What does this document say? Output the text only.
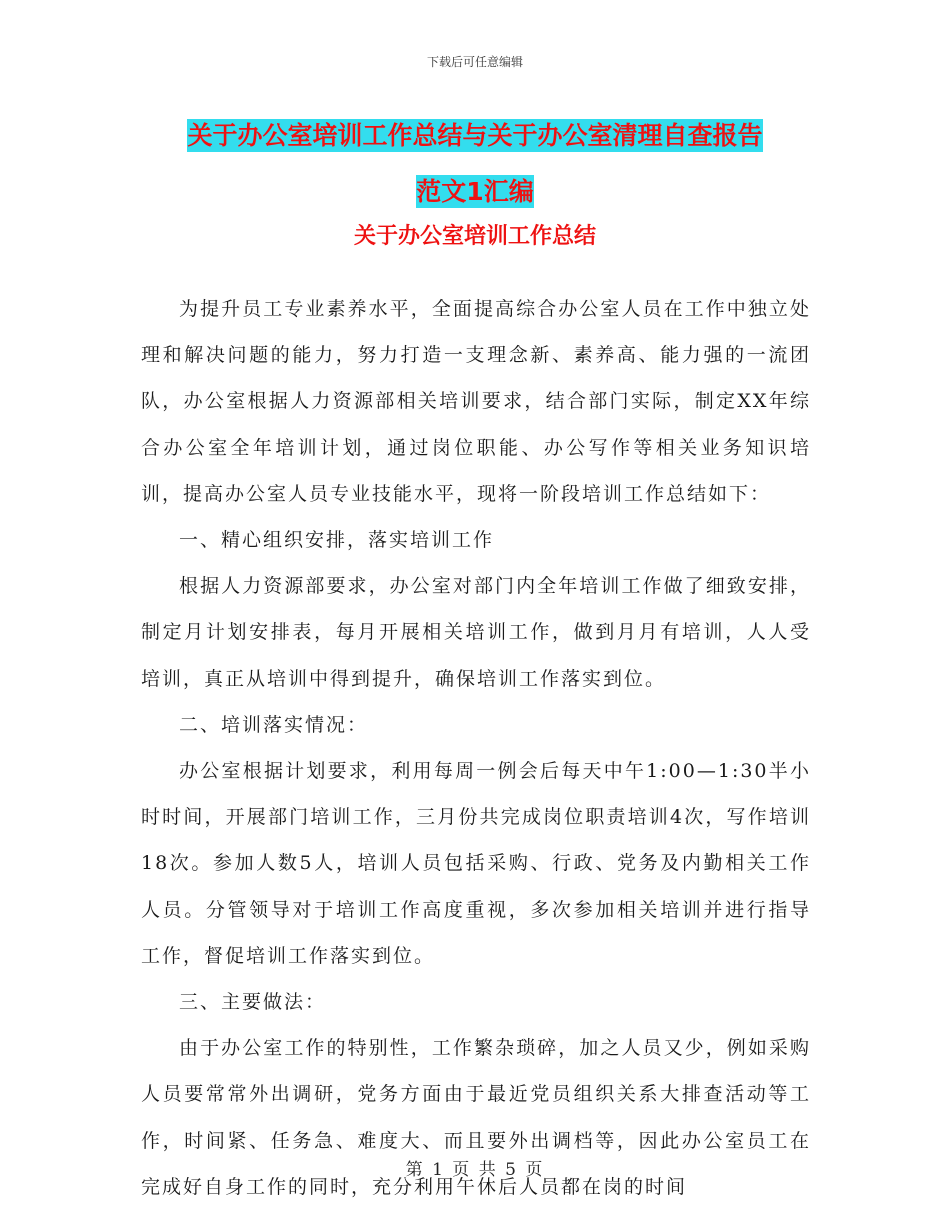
下载后可任意编辑
关于办公室培训工作总结与关于办公室清理自查报告
范文1汇编
关于办公室培训工作总结

为提升员工专业素养水平，全面提高综合办公室人员在工作中独立处理和解决问题的能力，努力打造一支理念新、素养高、能力强的一流团队，办公室根据人力资源部相关培训要求，结合部门实际，制定XX年综合办公室全年培训计划，通过岗位职能、办公写作等相关业务知识培训，提高办公室人员专业技能水平，现将一阶段培训工作总结如下：

一、精心组织安排，落实培训工作

根据人力资源部要求，办公室对部门内全年培训工作做了细致安排，制定月计划安排表，每月开展相关培训工作，做到月月有培训，人人受培训，真正从培训中得到提升，确保培训工作落实到位。

二、培训落实情况：

办公室根据计划要求，利用每周一例会后每天中午1:00—1:30半小时时间，开展部门培训工作，三月份共完成岗位职责培训4次，写作培训18次。参加人数5人，培训人员包括采购、行政、党务及内勤相关工作人员。分管领导对于培训工作高度重视，多次参加相关培训并进行指导工作，督促培训工作落实到位。

三、主要做法：

由于办公室工作的特别性，工作繁杂琐碎，加之人员又少，例如采购人员要常常外出调研，党务方面由于最近党员组织关系大排查活动等工作，时间紧、任务急、难度大、而且要外出调档等，因此办公室员工在完成好自身工作的同时，充分利用午休后人员都在岗的时间

第 1 页 共 5 页
